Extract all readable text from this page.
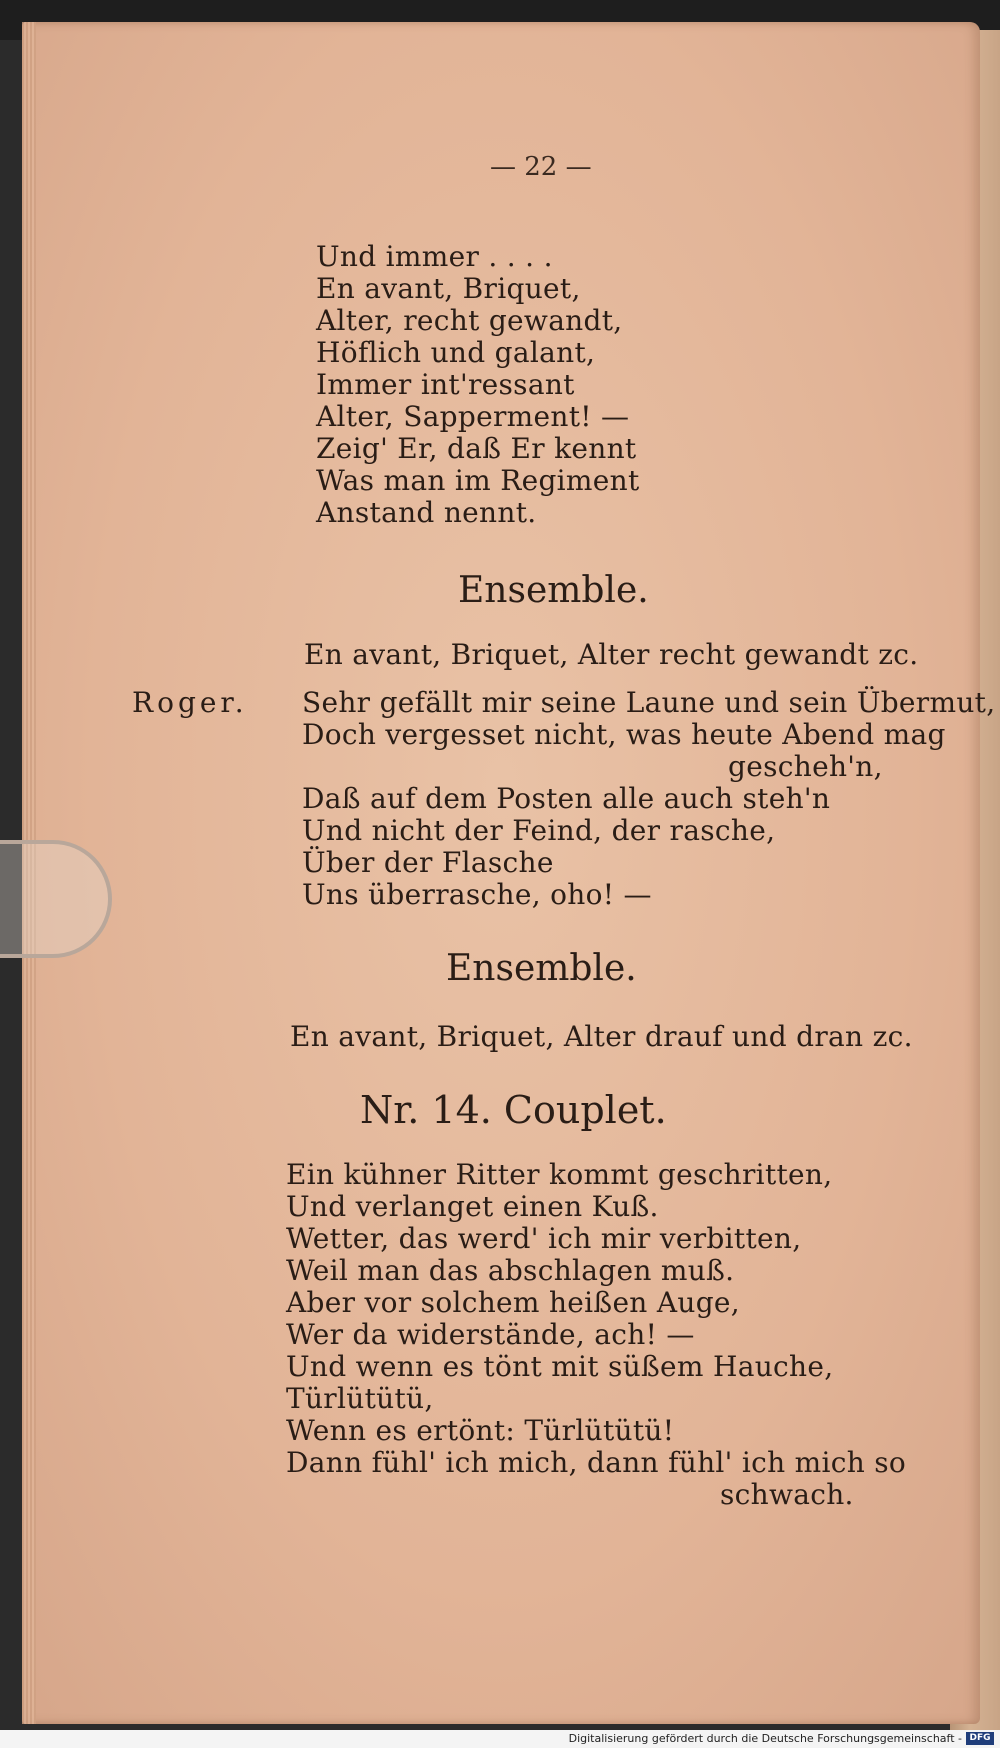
— 22 —
Und immer . . . .
En avant, Briquet,
Alter, recht gewandt,
Höflich und galant,
Immer int'ressant
Alter, Sapperment! —
Zeig' Er, daß Er kennt
Was man im Regiment
Anstand nennt.
Ensemble.
En avant, Briquet, Alter recht gewandt zc.
Roger. Sehr gefällt mir seine Laune und sein Übermut,
Doch vergesset nicht, was heute Abend mag
gescheh'n,
Daß auf dem Posten alle auch steh'n
Und nicht der Feind, der rasche,
Über der Flasche
Uns überrasche, oho! —
Ensemble.
En avant, Briquet, Alter drauf und dran zc.
Nr. 14. Couplet.
Ein kühner Ritter kommt geschritten,
Und verlanget einen Kuß.
Wetter, das werd' ich mir verbitten,
Weil man das abschlagen muß.
Aber vor solchem heißen Auge,
Wer da widerstände, ach! —
Und wenn es tönt mit süßem Hauche,
Türlütütü,
Wenn es ertönt: Türlütütü!
Dann fühl' ich mich, dann fühl' ich mich so
schwach.
Digitalisierung gefördert durch die Deutsche Forschungsgemeinschaft - DFG
